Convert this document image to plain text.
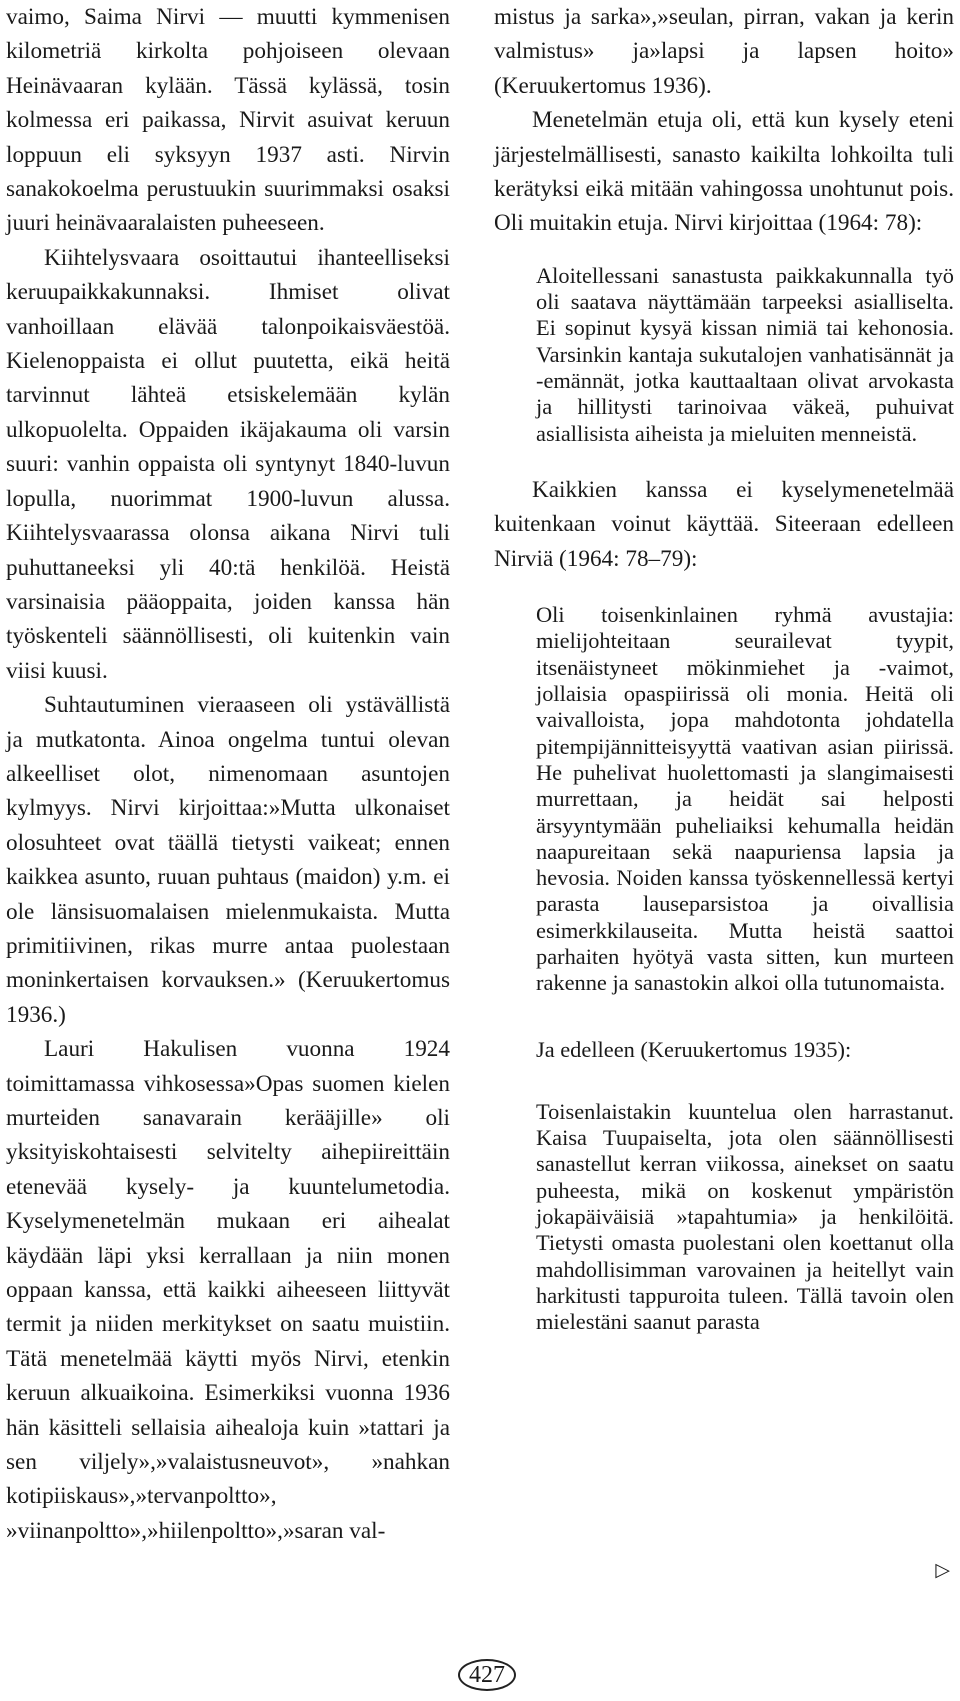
vaimo, Saima Nirvi — muutti kymmenisen kilometriä kirkolta pohjoiseen olevaan Heinävaaran kylään. Tässä kylässä, tosin kolmessa eri paikassa, Nirvit asuivat keruun loppuun eli syksyyn 1937 asti. Nirvin sanakokoelma perustuukin suurimmaksi osaksi juuri heinävaaralaisten puheeseen.

Kiihtelysvaara osoittautui ihanteelliseksi keruupaikkakunnaksi. Ihmiset olivat vanhoillaan elävää talonpoikaisväestöä. Kielenoppaista ei ollut puutetta, eikä heitä tarvinnut lähteä etsiskelemään kylän ulkopuolelta. Oppaiden ikäjakauma oli varsin suuri: vanhin oppaista oli syntynyt 1840-luvun lopulla, nuorimmat 1900-luvun alussa. Kiihtelysvaarassa olonsa aikana Nirvi tuli puhuttaneeksi yli 40:tä henkilöä. Heistä varsinaisia pääoppaita, joiden kanssa hän työskenteli säännöllisesti, oli kuitenkin vain viisi kuusi.

Suhtautuminen vieraaseen oli ystävällistä ja mutkatonta. Ainoa ongelma tuntui olevan alkeelliset olot, nimenomaan asuntojen kylmyys. Nirvi kirjoittaa:»Mutta ulkonaiset olosuhteet ovat täällä tietysti vaikeat; ennen kaikkea asunto, ruuan puhtaus (maidon) y.m. ei ole länsisuomalaisen mielenmukaista. Mutta primitiivinen, rikas murre antaa puolestaan moninkertaisen korvauksen.» (Keruukertomus 1936.)

Lauri Hakulisen vuonna 1924 toimittamassa vihkosessa»Opas suomen kielen murteiden sanavarain kerääjille» oli yksityiskohtaisesti selvitelty aihepiireittäin etenevää kysely- ja kuuntelumetodia. Kyselymenetelmän mukaan eri aihealat käydään läpi yksi kerrallaan ja niin monen oppaan kanssa, että kaikki aiheeseen liittyvät termit ja niiden merkitykset on saatu muistiin. Tätä menetelmää käytti myös Nirvi, etenkin keruun alkuaikoina. Esimerkiksi vuonna 1936 hän käsitteli sellaisia aihealoja kuin »tattari ja sen viljely»,»valaistusneuvot», »nahkan kotipiiskaus»,»tervanpoltto», »viinanpoltto»,»hiilenpoltto»,»saran val-

mistus ja sarka»,»seulan, pirran, vakan ja kerin valmistus» ja»lapsi ja lapsen hoito» (Keruukertomus 1936).

Menetelmän etuja oli, että kun kysely eteni järjestelmällisesti, sanasto kaikilta lohkoilta tuli kerätyksi eikä mitään vahingossa unohtunut pois. Oli muitakin etuja. Nirvi kirjoittaa (1964: 78):

Aloitellessani sanastusta paikkakunnalla työ oli saatava näyttämään tarpeeksi asialliselta. Ei sopinut kysyä kissan nimiä tai kehonosia. Varsinkin kantaja sukutalojen vanhatisännät ja -emännät, jotka kauttaaltaan olivat arvokasta ja hillitysti tarinoivaa väkeä, puhuivat asiallisista aiheista ja mieluiten menneistä.

Kaikkien kanssa ei kyselymenetelmää kuitenkaan voinut käyttää. Siteeraan edelleen Nirviä (1964: 78–79):

Oli toisenkinlainen ryhmä avustajia: mielijohteitaan seurailevat tyypit, itsenäistyneet mökinmiehet ja -vaimot, jollaisia opaspiirissä oli monia. Heitä oli vaivalloista, jopa mahdotonta johdatella pitempijännitteisyyttä vaativan asian piirissä. He puhelivat huolettomasti ja slangimaisesti murrettaan, ja heidät sai helposti ärsyyntymään puheliaiksi kehumalla heidän naapureitaan sekä naapuriensa lapsia ja hevosia. Noiden kanssa työskennellessä kertyi parasta lauseparsistoa ja oivallisia esimerkkilauseita. Mutta heistä saattoi parhaiten hyötyä vasta sitten, kun murteen rakenne ja sanastokin alkoi olla tutunomaista.

Ja edelleen (Keruukertomus 1935):

Toisenlaistakin kuuntelua olen harrastanut. Kaisa Tuupaiselta, jota olen säännöllisesti sanastellut kerran viikossa, ainekset on saatu puheesta, mikä on koskenut ympäristön jokapäiväisiä »tapahtumia» ja henkilöitä. Tietysti omasta puolestani olen koettanut olla mahdollisimman varovainen ja heitellyt vain harkitusti tappuroita tuleen. Tällä tavoin olen mielestäni saanut parasta

▷
427
